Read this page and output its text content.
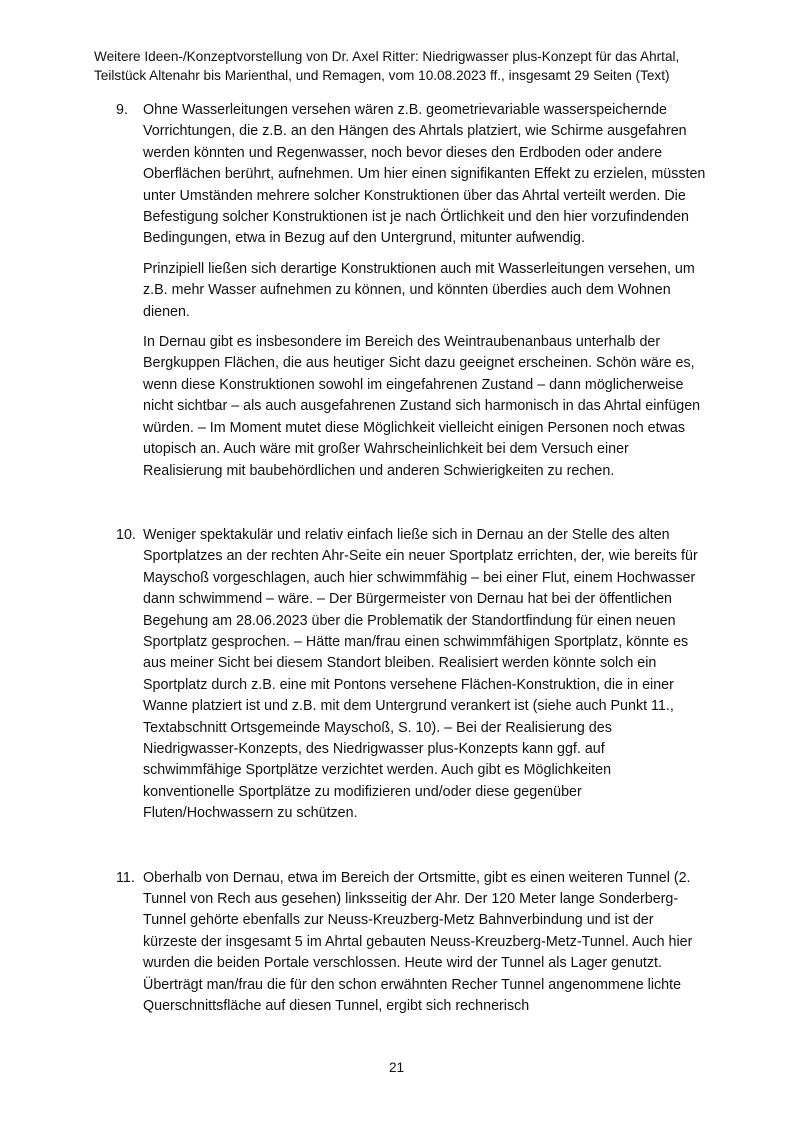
Weitere Ideen-/Konzeptvorstellung von Dr. Axel Ritter: Niedrigwasser plus-Konzept für das Ahrtal,
Teilstück Altenahr bis Marienthal, und Remagen, vom 10.08.2023 ff., insgesamt 29 Seiten (Text)
9. Ohne Wasserleitungen versehen wären z.B. geometrievariable wasserspeichernde Vorrichtungen, die z.B. an den Hängen des Ahrtals platziert, wie Schirme ausgefahren werden könnten und Regenwasser, noch bevor dieses den Erdboden oder andere Oberflächen berührt, aufnehmen. Um hier einen signifikanten Effekt zu erzielen, müssten unter Umständen mehrere solcher Konstruktionen über das Ahrtal verteilt werden. Die Befestigung solcher Konstruktionen ist je nach Örtlichkeit und den hier vorzufindenden Bedingungen, etwa in Bezug auf den Untergrund, mitunter aufwendig.

Prinzipiell ließen sich derartige Konstruktionen auch mit Wasserleitungen versehen, um z.B. mehr Wasser aufnehmen zu können, und könnten überdies auch dem Wohnen dienen.

In Dernau gibt es insbesondere im Bereich des Weintraubenanbaus unterhalb der Bergkuppen Flächen, die aus heutiger Sicht dazu geeignet erscheinen. Schön wäre es, wenn diese Konstruktionen sowohl im eingefahrenen Zustand – dann möglicherweise nicht sichtbar – als auch ausgefahrenen Zustand sich harmonisch in das Ahrtal einfügen würden. – Im Moment mutet diese Möglichkeit vielleicht einigen Personen noch etwas utopisch an. Auch wäre mit großer Wahrscheinlichkeit bei dem Versuch einer Realisierung mit baubehördlichen und anderen Schwierigkeiten zu rechen.

10. Weniger spektakulär und relativ einfach ließe sich in Dernau an der Stelle des alten Sportplatzes an der rechten Ahr-Seite ein neuer Sportplatz errichten, der, wie bereits für Mayschoß vorgeschlagen, auch hier schwimmfähig – bei einer Flut, einem Hochwasser dann schwimmend – wäre. – Der Bürgermeister von Dernau hat bei der öffentlichen Begehung am 28.06.2023 über die Problematik der Standortfindung für einen neuen Sportplatz gesprochen. – Hätte man/frau einen schwimmfähigen Sportplatz, könnte es aus meiner Sicht bei diesem Standort bleiben. Realisiert werden könnte solch ein Sportplatz durch z.B. eine mit Pontons versehene Flächen-Konstruktion, die in einer Wanne platziert ist und z.B. mit dem Untergrund verankert ist (siehe auch Punkt 11., Textabschnitt Ortsgemeinde Mayschoß, S. 10). – Bei der Realisierung des Niedrigwasser-Konzepts, des Niedrigwasser plus-Konzepts kann ggf. auf schwimmfähige Sportplätze verzichtet werden. Auch gibt es Möglichkeiten konventionelle Sportplätze zu modifizieren und/oder diese gegenüber Fluten/Hochwassern zu schützen.

11. Oberhalb von Dernau, etwa im Bereich der Ortsmitte, gibt es einen weiteren Tunnel (2. Tunnel von Rech aus gesehen) linksseitig der Ahr. Der 120 Meter lange Sonderberg-Tunnel gehörte ebenfalls zur Neuss-Kreuzberg-Metz Bahnverbindung und ist der kürzeste der insgesamt 5 im Ahrtal gebauten Neuss-Kreuzberg-Metz-Tunnel. Auch hier wurden die beiden Portale verschlossen. Heute wird der Tunnel als Lager genutzt. Überträgt man/frau die für den schon erwähnten Recher Tunnel angenommene lichte Querschnittsfläche auf diesen Tunnel, ergibt sich rechnerisch

21
